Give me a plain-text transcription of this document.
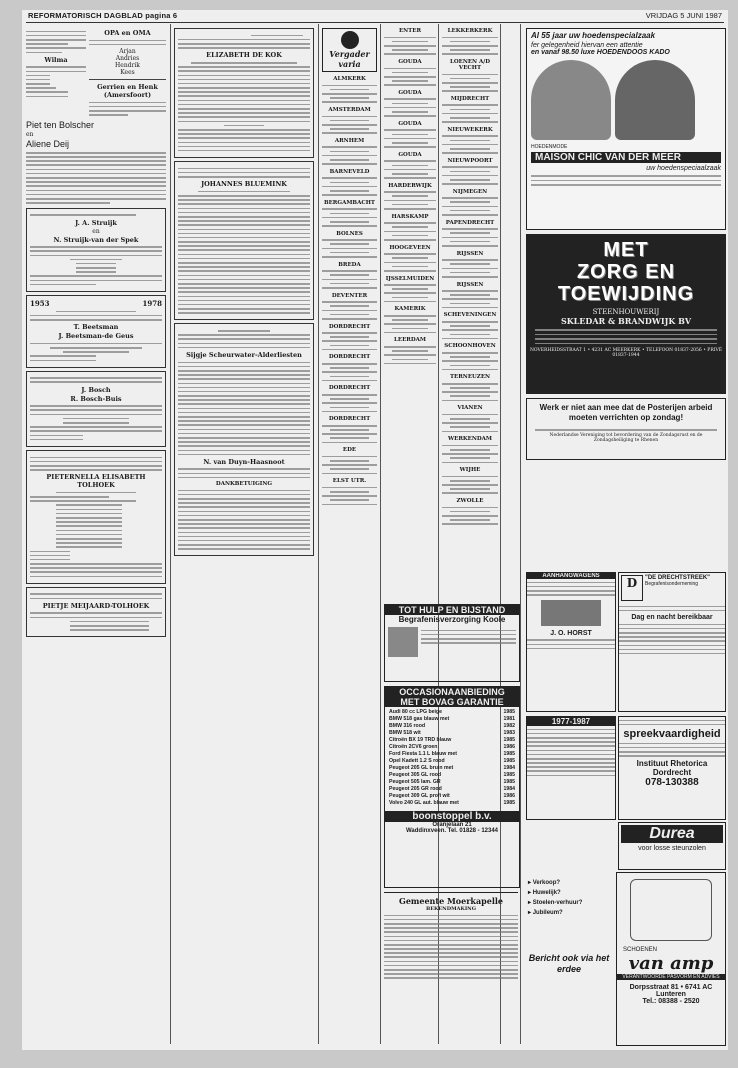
REFORMATORISCH DAGBLAD pagina 6	VRIJDAG 5 JUNI 1987
Wilma
OPA en OMA
Arjan
Andries
Hendrik
Kees
Gerrien en Henk (Amersfoort)
Piet ten Bolscher
en
Aliene Deij
J. A. Struijk
en
N. Struijk-van der Spek
1953	1978
T. Beetsman
J. Beetsman-de Geus
J. Bosch
R. Bosch-Buis
PIETERNELLA ELISABETH TOLHOEK
PIETJE MEIJAARD-TOLHOEK
ELIZABETH DE KOK
JOHANNES BLUEMINK
Sijgje Scheurwater-Alderliesten
N. van Duyn-Haasnoot
DANKBETUIGING
Vergader varia
ALMKERK
AMSTERDAM
ARNHEM
BARNEVELD
BERGAMBACHT
BOLNES
BREDA
DEVENTER
DORDRECHT
DORDRECHT
DORDRECHT
DORDRECHT
EDE
ELST UTR.
ENTER
GOUDA
GOUDA
GOUDA
GOUDA
HARDERWIJK
HARSKAMP
HOOGEVEEN
IJSSELMUIDEN
KAMERIK
LEERDAM
LEKKERKERK
LOENEN A/D VECHT
MIJDRECHT
NIEUWEKERK
NIEUWPOORT
NIJMEGEN
PAPENDRECHT
RIJSSEN
RIJSSEN
SCHEVENINGEN
SCHOONHOVEN
TERNEUZEN
VIANEN
WERKENDAM
WIJHE
ZWOLLE
Al 55 jaar uw hoedenspecialzaak
fer gelegenheid hiervan een attentie
en vanaf 98.50 luxe HOEDENDOOS KADO
HOEDENMODE
MAISON CHIC VAN DER MEER
uw hoedenspeciaalzaak
MET
ZORG EN
TOEWIJDING
STEENHOUWERIJ
SKLEDAR & BRANDWIJK BV
NOVERHEIDSSTRAAT 1 • 4231 AC MEERKERK • TELEFOON 01837-2056 • PRIVÉ 01837-1944
Werk er niet aan mee dat de Posterijen arbeid moeten verrichten op zondag!
Nederlandse Vereniging tot bevordering van de Zondagsrust en de Zondagsheiliging te Rhenen
TOT HULP EN BIJSTAND
Begrafenisverzorging Koole
OCCASIONAANBIEDING
MET BOVAG GARANTIE
Audi 80 cc LPG beige	1985
BMW 518 gas blauw met	1981
BMW 316 rood	1982
BMW 518 wit	1983
Citroën BX 19 TRD blauw	1985
Citroën 2CV6 groen	1986
Ford Fiesta 1.1 L blauw met	1985
Opel Kadett 1.2 S rood	1985
Peugeot 205 GL bruin met	1984
Peugeot 305 GL rood	1985
Peugeot 505 Iam. GR	1985
Peugeot 205 GR rood	1984
Peugeot 309 GL profi wit	1986
Volvo 240 GL aut. blauw met	1985
boonstoppel b.v.
Oranjelaan 21
Waddinxveen. Tel. 01828 - 12344
Gemeente Moerkapelle
BEKENDMAKING
AANHANGWAGENS
J. O. HORST
D	"DE DRECHTSTREEK"
Begrafenisonderneming
Dag en nacht bereikbaar
1977-1987
spreekvaardigheid
Instituut Rhetorica Dordrecht
078-130388
Durea
voor losse steunzolen
▸ Verkoop?
▸ Huwelijk?
▸ Stoelen-verhuur?
▸ Jubileum?
Bericht ook via het erdee
SCHOENEN
van amp
VERANTWOORDE PASVORM EN ADVIES
Dorpsstraat 81 • 6741 AC Lunteren
Tel.: 08388 - 2520
